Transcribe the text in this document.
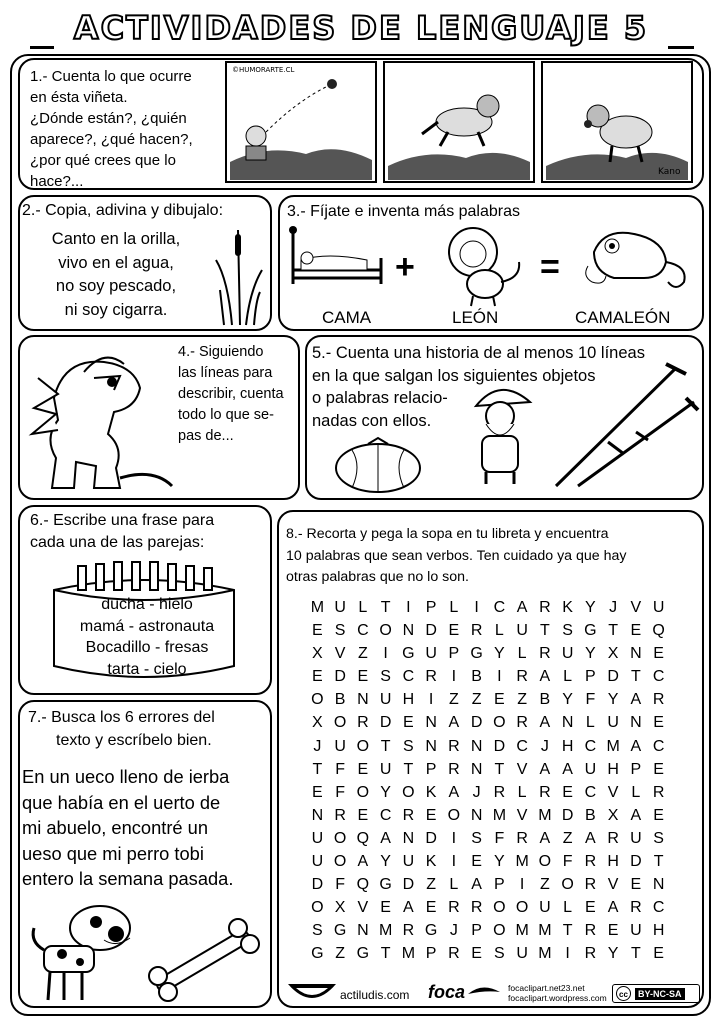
ACTIVIDADES DE LENGUAJE 5
1.- Cuenta lo que ocurre
en ésta viñeta.
¿Dónde están?, ¿quién
aparece?, ¿qué hacen?,
¿por qué crees que lo
hace?...
©HUMORARTE.CL
Kano
2.- Copia, adivina y dibujalo:
Canto en la orilla,
vivo en el agua,
no soy pescado,
ni soy cigarra.
3.- Fíjate e inventa más palabras
+	=
CAMA	LEÓN	CAMALEÓN
4.- Siguiendo
las líneas para
describir, cuenta
todo lo que se-
pas de...
5.- Cuenta una historia de al menos 10 líneas
en la que salgan los siguientes objetos
o palabras relacio-
nadas con ellos.
6.- Escribe una frase para
cada una de las parejas:
ducha - hielo
mamá - astronauta
Bocadillo - fresas
tarta - cielo
7.- Busca los 6 errores del
texto y escríbelo bien.
En un ueco lleno de ierba
que había en el uerto de
mi abuelo, encontré un
ueso que mi perro tobi
entero la semana pasada.
8.- Recorta y pega la sopa en tu libreta y encuentra
10 palabras que sean verbos. Ten cuidado ya que hay
otras palabras que no lo son.
M U L T I P L	I C A R K Y J V U
E S C O N D E R L U T S G T E Q
X V Z I G U P G Y L R U Y X N E
E D E S C R I B I R A L P D T C
O B N U H I Z Z E Z B Y F Y A R
X O R D E N A D O R A N L U N E
J U O T S N R N D C J H C M A C
T F E U T P R N T V A A U H P E
E F O Y O K A J R L R E C V L R
N R E C R E O N M V M D B X A E
U O Q A N D I S F R A Z A R U S
U O A Y U K I E Y M O F R H D T
D F Q G D Z L A P I Z O R V E N
O X V E A E R R O O U L E A R C
S G N M R G J P O M M T R E U H
G Z G T M P R E S U M I R Y T E
actiludis.com foca	focaclipart.net23.net
focaclipart.wordpress.com	cc	BY-NC-SA
